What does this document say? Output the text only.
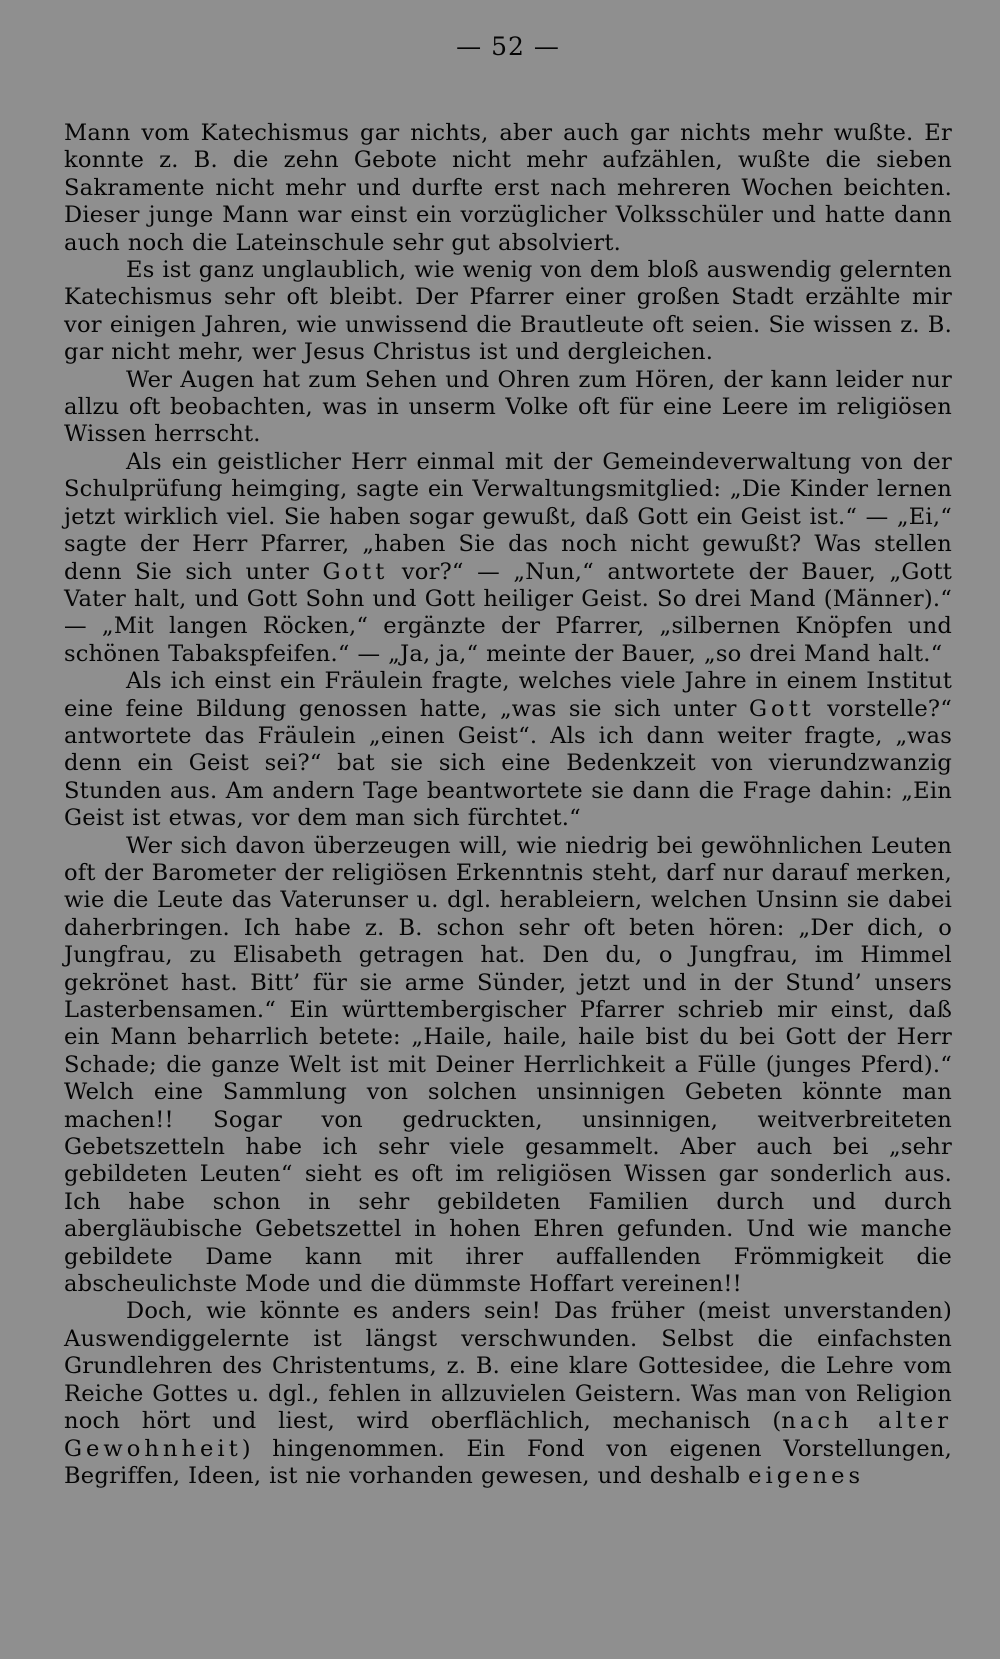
— 52 —

Mann vom Katechismus gar nichts, aber auch gar nichts mehr wußte. Er konnte z. B. die zehn Gebote nicht mehr aufzählen, wußte die sieben Sakramente nicht mehr und durfte erst nach mehreren Wochen beichten. Dieser junge Mann war einst ein vorzüglicher Volksschüler und hatte dann auch noch die Lateinschule sehr gut absolviert.

Es ist ganz unglaublich, wie wenig von dem bloß auswendig gelernten Katechismus sehr oft bleibt. Der Pfarrer einer großen Stadt erzählte mir vor einigen Jahren, wie unwissend die Brautleute oft seien. Sie wissen z. B. gar nicht mehr, wer Jesus Christus ist und dergleichen.

Wer Augen hat zum Sehen und Ohren zum Hören, der kann leider nur allzu oft beobachten, was in unserm Volke oft für eine Leere im religiösen Wissen herrscht.

Als ein geistlicher Herr einmal mit der Gemeindeverwaltung von der Schulprüfung heimging, sagte ein Verwaltungsmitglied: „Die Kinder lernen jetzt wirklich viel. Sie haben sogar gewußt, daß Gott ein Geist ist.“ — „Ei,“ sagte der Herr Pfarrer, „haben Sie das noch nicht gewußt? Was stellen denn Sie sich unter Gott vor?“ — „Nun,“ antwortete der Bauer, „Gott Vater halt, und Gott Sohn und Gott heiliger Geist. So drei Mand (Männer).“ — „Mit langen Röcken,“ ergänzte der Pfarrer, „silbernen Knöpfen und schönen Tabakspfeifen.“ — „Ja, ja,“ meinte der Bauer, „so drei Mand halt.“

Als ich einst ein Fräulein fragte, welches viele Jahre in einem Institut eine feine Bildung genossen hatte, „was sie sich unter Gott vorstelle?“ antwortete das Fräulein „einen Geist“. Als ich dann weiter fragte, „was denn ein Geist sei?“ bat sie sich eine Bedenkzeit von vierundzwanzig Stunden aus. Am andern Tage beantwortete sie dann die Frage dahin: „Ein Geist ist etwas, vor dem man sich fürchtet.“

Wer sich davon überzeugen will, wie niedrig bei gewöhnlichen Leuten oft der Barometer der religiösen Erkenntnis steht, darf nur darauf merken, wie die Leute das Vaterunser u. dgl. herableiern, welchen Unsinn sie dabei daherbringen. Ich habe z. B. schon sehr oft beten hören: „Der dich, o Jungfrau, zu Elisabeth getragen hat. Den du, o Jungfrau, im Himmel gekrönet hast. Bitt’ für sie arme Sünder, jetzt und in der Stund’ unsers Lasterbensamen.“ Ein württembergischer Pfarrer schrieb mir einst, daß ein Mann beharrlich betete: „Haile, haile, haile bist du bei Gott der Herr Schade; die ganze Welt ist mit Deiner Herrlichkeit a Fülle (junges Pferd).“ Welch eine Sammlung von solchen unsinnigen Gebeten könnte man machen!! Sogar von gedruckten, unsinnigen, weitverbreiteten Gebetszetteln habe ich sehr viele gesammelt. Aber auch bei „sehr gebildeten Leuten“ sieht es oft im religiösen Wissen gar sonderlich aus. Ich habe schon in sehr gebildeten Familien durch und durch abergläubische Gebetszettel in hohen Ehren gefunden. Und wie manche gebildete Dame kann mit ihrer auffallenden Frömmigkeit die abscheulichste Mode und die dümmste Hoffart vereinen!!

Doch, wie könnte es anders sein! Das früher (meist unverstanden) Auswendiggelernte ist längst verschwunden. Selbst die einfachsten Grundlehren des Christentums, z. B. eine klare Gottesidee, die Lehre vom Reiche Gottes u. dgl., fehlen in allzuvielen Geistern. Was man von Religion noch hört und liest, wird oberflächlich, mechanisch (nach alter Gewohnheit) hingenommen. Ein Fond von eigenen Vorstellungen, Begriffen, Ideen, ist nie vorhanden gewesen, und deshalb eigenes
